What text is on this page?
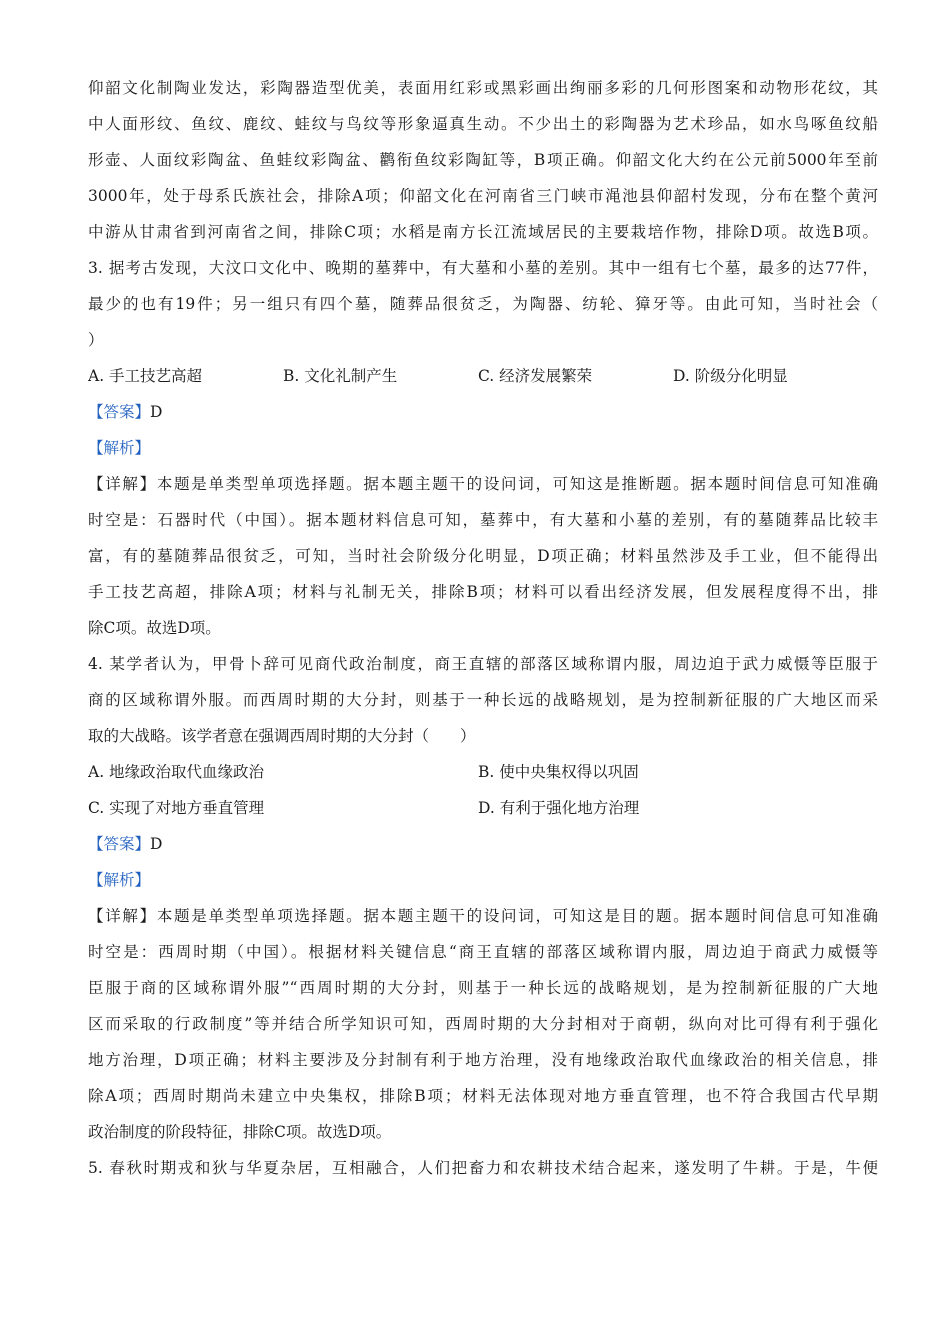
仰韶文化制陶业发达，彩陶器造型优美，表面用红彩或黑彩画出绚丽多彩的几何形图案和动物形花纹，其
中人面形纹、鱼纹、鹿纹、蛙纹与鸟纹等形象逼真生动。不少出土的彩陶器为艺术珍品，如水鸟啄鱼纹船
形壶、人面纹彩陶盆、鱼蛙纹彩陶盆、鹳衔鱼纹彩陶缸等，B项正确。仰韶文化大约在公元前5000年至前
3000年，处于母系氏族社会，排除A项；仰韶文化在河南省三门峡市渑池县仰韶村发现，分布在整个黄河
中游从甘肃省到河南省之间，排除C项；水稻是南方长江流域居民的主要栽培作物，排除D项。故选B项。
3. 据考古发现，大汶口文化中、晚期的墓葬中，有大墓和小墓的差别。其中一组有七个墓，最多的达77件，
最少的也有19件；另一组只有四个墓，随葬品很贫乏，为陶器、纺轮、獐牙等。由此可知，当时社会（
）
A. 手工技艺高超	B. 文化礼制产生	C. 经济发展繁荣	D. 阶级分化明显
【答案】D
【解析】
【详解】本题是单类型单项选择题。据本题主题干的设问词，可知这是推断题。据本题时间信息可知准确
时空是：石器时代（中国）。据本题材料信息可知，墓葬中，有大墓和小墓的差别，有的墓随葬品比较丰
富，有的墓随葬品很贫乏，可知，当时社会阶级分化明显，D项正确；材料虽然涉及手工业，但不能得出
手工技艺高超，排除A项；材料与礼制无关，排除B项；材料可以看出经济发展，但发展程度得不出，排
除C项。故选D项。
4. 某学者认为，甲骨卜辞可见商代政治制度，商王直辖的部落区域称谓内服，周边迫于武力威慑等臣服于
商的区域称谓外服。而西周时期的大分封，则基于一种长远的战略规划，是为控制新征服的广大地区而采
取的大战略。该学者意在强调西周时期的大分封（　　）
A. 地缘政治取代血缘政治	B. 使中央集权得以巩固
C. 实现了对地方垂直管理	D. 有利于强化地方治理
【答案】D
【解析】
【详解】本题是单类型单项选择题。据本题主题干的设问词，可知这是目的题。据本题时间信息可知准确
时空是：西周时期（中国）。根据材料关键信息“商王直辖的部落区域称谓内服，周边迫于商武力威慑等
臣服于商的区域称谓外服”“西周时期的大分封，则基于一种长远的战略规划，是为控制新征服的广大地
区而采取的行政制度”等并结合所学知识可知，西周时期的大分封相对于商朝，纵向对比可得有利于强化
地方治理，D项正确；材料主要涉及分封制有利于地方治理，没有地缘政治取代血缘政治的相关信息，排
除A项；西周时期尚未建立中央集权，排除B项；材料无法体现对地方垂直管理，也不符合我国古代早期
政治制度的阶段特征，排除C项。故选D项。
5. 春秋时期戎和狄与华夏杂居，互相融合，人们把畜力和农耕技术结合起来，遂发明了牛耕。于是，牛便
